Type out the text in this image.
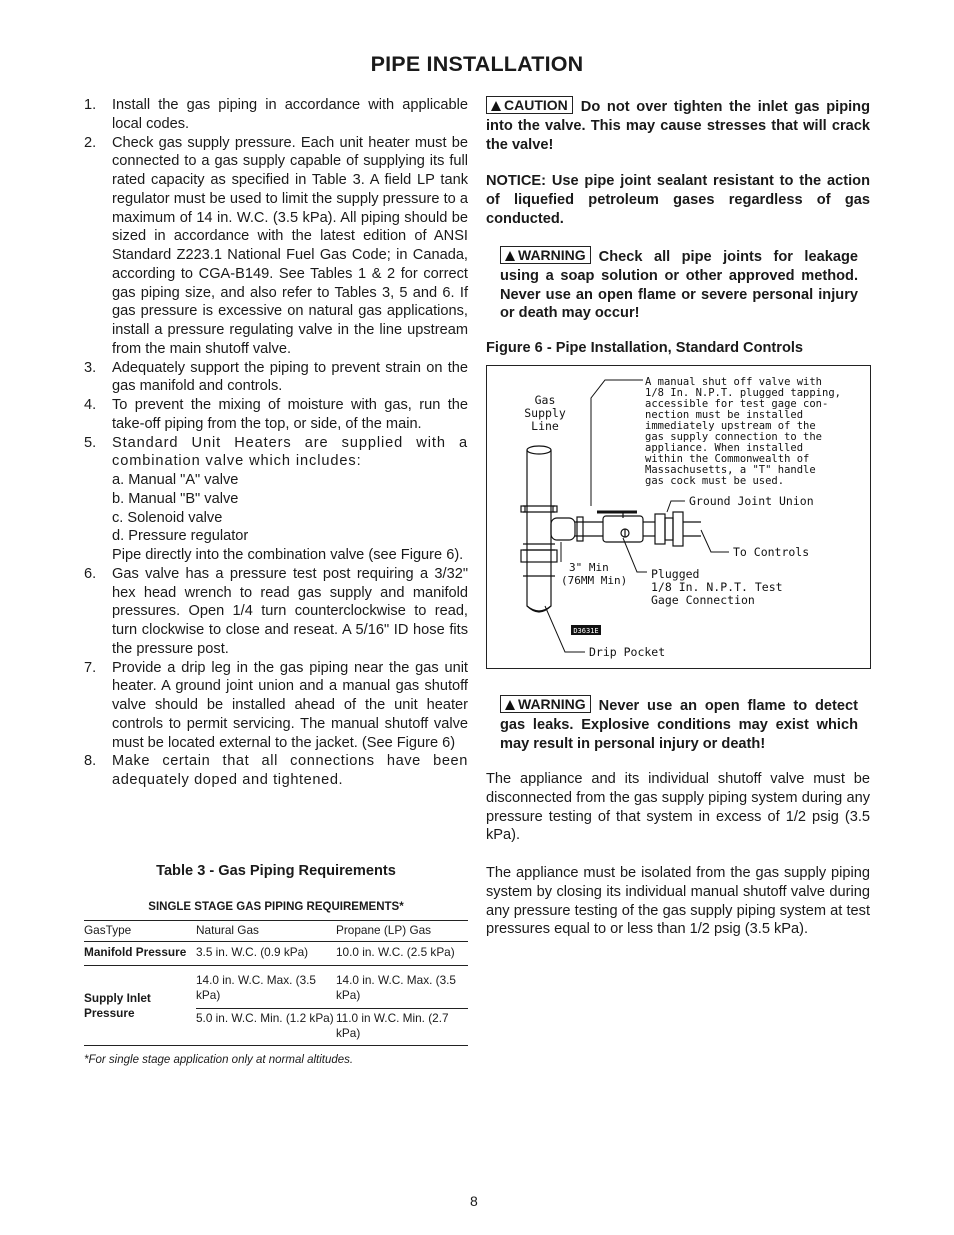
PIPE INSTALLATION
1.	Install the gas piping in accordance with applicable local codes.
2.	Check gas supply pressure. Each unit heater must be connected to a gas supply capable of supplying its full rated capacity as specified in Table 3. A field LP tank regulator must be used to limit the supply pressure to a maximum of 14 in. W.C. (3.5 kPa). All piping should be sized in accordance with the latest edition of ANSI Standard Z223.1 National Fuel Gas Code; in Canada, according to CGA-B149. See Tables 1 & 2 for correct gas piping size, and also refer to Tables 3, 5 and 6. If gas pressure is excessive on natural gas applications, install a pressure regulating valve in the line upstream from the main shutoff valve.
3.	Adequately support the piping to prevent strain on the gas manifold and controls.
4.	To prevent the mixing of moisture with gas, run the take-off piping from the top, or side, of the main.
5.	Standard Unit Heaters are supplied with a combination valve which includes:
a. Manual "A" valve
b. Manual "B" valve
c. Solenoid valve
d. Pressure regulator
Pipe directly into the combination valve (see Figure 6).
6.	Gas valve has a pressure test post requiring a 3/32" hex head wrench to read gas supply and manifold pressures. Open 1/4 turn counterclockwise to read, turn clockwise to close and reseat. A 5/16" ID hose fits the pressure post.
7.	Provide a drip leg in the gas piping near the gas unit heater. A ground joint union and a manual gas shutoff valve should be installed ahead of the unit heater controls to permit servicing. The manual shutoff valve must be located external to the jacket. (See Figure 6)
8.	Make certain that all connections have been adequately doped and tightened.
Table 3 - Gas Piping Requirements
SINGLE STAGE GAS PIPING REQUIREMENTS*
GasType	Natural Gas	Propane (LP) Gas
Manifold Pressure	3.5 in. W.C. (0.9 kPa)	10.0 in. W.C. (2.5 kPa)
Supply Inlet Pressure	14.0 in. W.C. Max. (3.5 kPa)	14.0 in. W.C. Max. (3.5 kPa)
	5.0 in. W.C. Min. (1.2 kPa)	11.0 in W.C. Min. (2.7 kPa)
*For single stage application only at normal altitudes.
CAUTION Do not over tighten the inlet gas piping into the valve. This may cause stresses that will crack the valve!
NOTICE: Use pipe joint sealant resistant to the action of liquefied petroleum gases regardless of gas conducted.
WARNING Check all pipe joints for leakage using a soap solution or other approved method. Never use an open flame or severe personal injury or death may occur!
Figure 6 - Pipe Installation, Standard Controls
Gas
Supply
Line
A manual shut off valve with
1/8 In. N.P.T. plugged tapping,
accessible for test gage con-
nection must be installed
immediately upstream of the
gas supply connection to the
appliance. When installed
within the Commonwealth of
Massachusetts, a "T" handle
gas cock must be used.
Ground Joint Union
To Controls
3" Min
(76MM Min) Plugged
1/8 In. N.P.T. Test
Gage Connection
D3631E
Drip Pocket
WARNING Never use an open flame to detect gas leaks. Explosive conditions may exist which may result in personal injury or death!
The appliance and its individual shutoff valve must be disconnected from the gas supply piping system during any pressure testing of that system in excess of 1/2 psig (3.5 kPa).
The appliance must be isolated from the gas supply piping system by closing its individual manual shutoff valve during any pressure testing of the gas supply piping system at test pressures equal to or less than 1/2 psig (3.5 kPa).
8
